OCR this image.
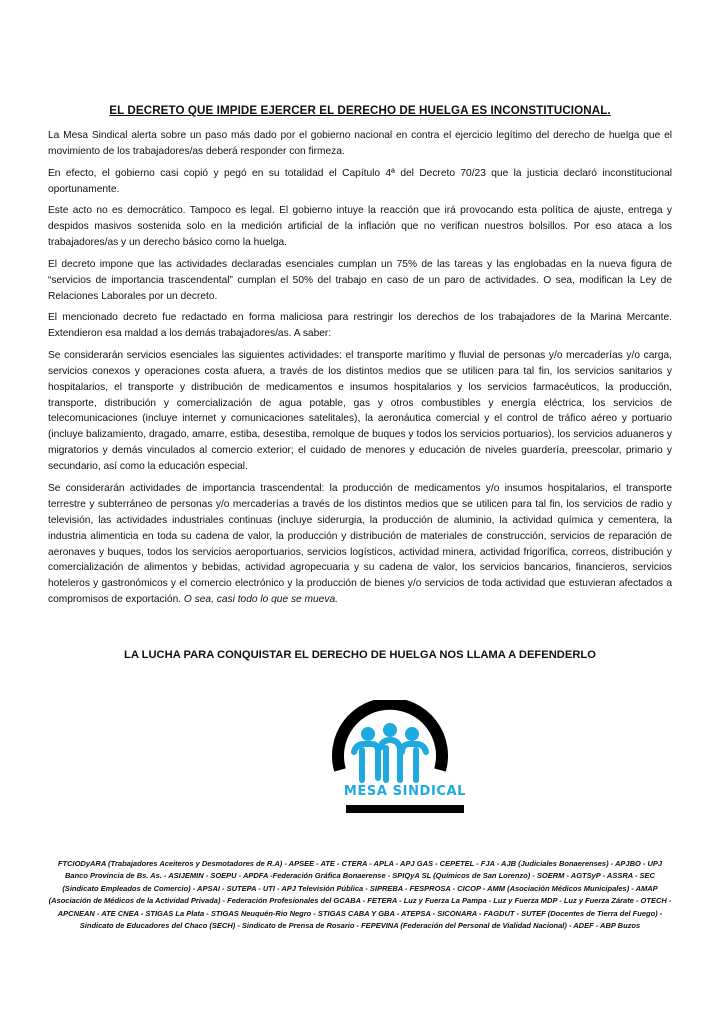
EL DECRETO QUE IMPIDE EJERCER EL DERECHO DE HUELGA ES INCONSTITUCIONAL.

La Mesa Sindical alerta sobre un paso más dado por el gobierno nacional en contra el ejercicio legítimo del derecho de huelga que el movimiento de los trabajadores/as deberá responder con firmeza.

En efecto, el gobierno casi copió y pegó en su totalidad el Capítulo 4ª del Decreto 70/23 que la justicia declaró inconstitucional oportunamente.

Este acto no es democrático. Tampoco es legal. El gobierno intuye la reacción que irá provocando esta política de ajuste, entrega y despidos masivos sostenida solo en la medición artificial de la inflación que no verifican nuestros bolsillos. Por eso ataca a los trabajadores/as y un derecho básico como la huelga.

El decreto impone que las actividades declaradas esenciales cumplan un 75% de las tareas y las englobadas en la nueva figura de “servicios de importancia trascendental” cumplan el 50% del trabajo en caso de un paro de actividades. O sea, modifican la Ley de Relaciones Laborales por un decreto.

El mencionado decreto fue redactado en forma maliciosa para restringir los derechos de los trabajadores de la Marina Mercante. Extendieron esa maldad a los demás trabajadores/as. A saber:

Se considerarán servicios esenciales las siguientes actividades: el transporte marítimo y fluvial de personas y/o mercaderías y/o carga, servicios conexos y operaciones costa afuera, a través de los distintos medios que se utilicen para tal fin, los servicios sanitarios y hospitalarios, el transporte y distribución de medicamentos e insumos hospitalarios y los servicios farmacéuticos, la producción, transporte, distribución y comercialización de agua potable, gas y otros combustibles y energía eléctrica, los servicios de telecomunicaciones (incluye internet y comunicaciones satelitales), la aeronáutica comercial y el control de tráfico aéreo y portuario (incluye balizamiento, dragado, amarre, estiba, desestiba, remolque de buques y todos los servicios portuarios), los servicios aduaneros y migratorios y demás vinculados al comercio exterior; el cuidado de menores y educación de niveles guardería, preescolar, primario y secundario, así como la educación especial.

Se considerarán actividades de importancia trascendental: la producción de medicamentos y/o insumos hospitalarios, el transporte terrestre y subterráneo de personas y/o mercaderías a través de los distintos medios que se utilicen para tal fin, los servicios de radio y televisión, las actividades industriales continuas (incluye siderurgia, la producción de aluminio, la actividad química y cementera, la industria alimenticia en toda su cadena de valor, la producción y distribución de materiales de construcción, servicios de reparación de aeronaves y buques, todos los servicios aeroportuarios, servicios logísticos, actividad minera, actividad frigorífica, correos, distribución y comercialización de alimentos y bebidas, actividad agropecuaria y su cadena de valor, los servicios bancarios, financieros, servicios hoteleros y gastronómicos y el comercio electrónico y la producción de bienes y/o servicios de toda actividad que estuvieran afectados a compromisos de exportación. O sea, casi todo lo que se mueva.

LA LUCHA PARA CONQUISTAR EL DERECHO DE HUELGA NOS LLAMA A DEFENDERLO
MESA SINDICAL
FTCIODyARA (Trabajadores Aceiteros y Desmotadores de R.A) - APSEE - ATE - CTERA - APLA - APJ GAS - CEPETEL - FJA - AJB (Judiciales Bonaerenses) - APJBO - UPJ Banco Provincia de Bs. As. - ASIJEMIN - SOEPU - APDFA -Federación Gráfica Bonaerense - SPIQyA SL (Químicos de San Lorenzo) - SOERM - AGTSyP - ASSRA - SEC (Sindicato Empleados de Comercio) - APSAI - SUTEPA - UTI - APJ Televisión Pública - SIPREBA - FESPROSA - CICOP - AMM (Asociación Médicos Municipales) - AMAP (Asociación de Médicos de la Actividad Privada) - Federación Profesionales del GCABA - FETERA - Luz y Fuerza La Pampa - Luz y Fuerza MDP - Luz y Fuerza Zárate - OTECH - APCNEAN - ATE CNEA - STIGAS La Plata - STIGAS Neuquén-Rio Negro - STIGAS CABA Y GBA - ATEPSA - SICONARA - FAGDUT - SUTEF (Docentes de Tierra del Fuego) - Sindicato de Educadores del Chaco (SECH) - Sindicato de Prensa de Rosario - FEPEVINA (Federación del Personal de Vialidad Nacional) - ADEF - ABP Buzos
